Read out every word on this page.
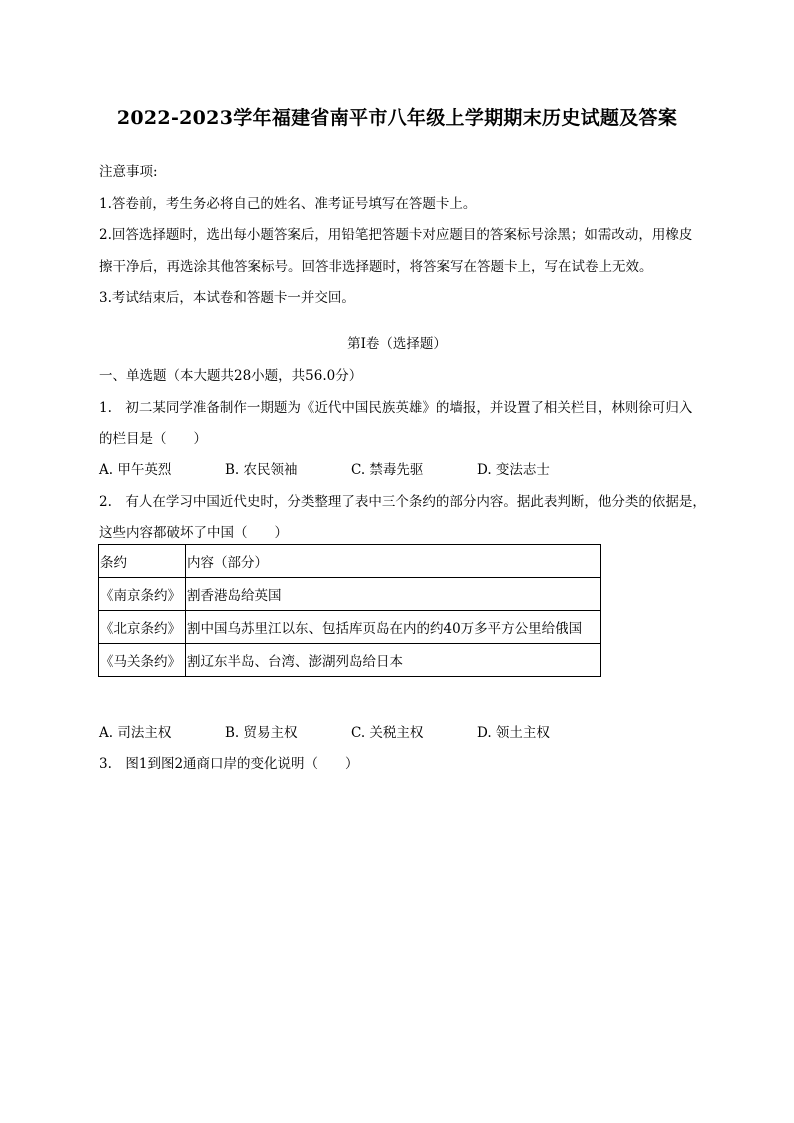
2022-2023学年福建省南平市八年级上学期期末历史试题及答案
注意事项:
1.答卷前，考生务必将自己的姓名、准考证号填写在答题卡上。
2.回答选择题时，选出每小题答案后，用铅笔把答题卡对应题目的答案标号涂黑；如需改动，用橡皮
擦干净后，再选涂其他答案标号。回答非选择题时，将答案写在答题卡上，写在试卷上无效。
3.考试结束后，本试卷和答题卡一并交回。
第Ⅰ卷（选择题）
一、单选题（本大题共28小题，共56.0分）
1.　初二某同学准备制作一期题为《近代中国民族英雄》的墙报，并设置了相关栏目，林则徐可归入
的栏目是（　　）
A. 甲午英烈	B. 农民领袖	C. 禁毒先驱	D. 变法志士
2.　有人在学习中国近代史时，分类整理了表中三个条约的部分内容。据此表判断，他分类的依据是，
这些内容都破坏了中国（　　）
条约	内容（部分）
《南京条约》	割香港岛给英国
《北京条约》	割中国乌苏里江以东、包括库页岛在内的约40万多平方公里给俄国
《马关条约》	割辽东半岛、台湾、澎湖列岛给日本
A. 司法主权	B. 贸易主权	C. 关税主权	D. 领土主权
3.　图1到图2通商口岸的变化说明（　　）
